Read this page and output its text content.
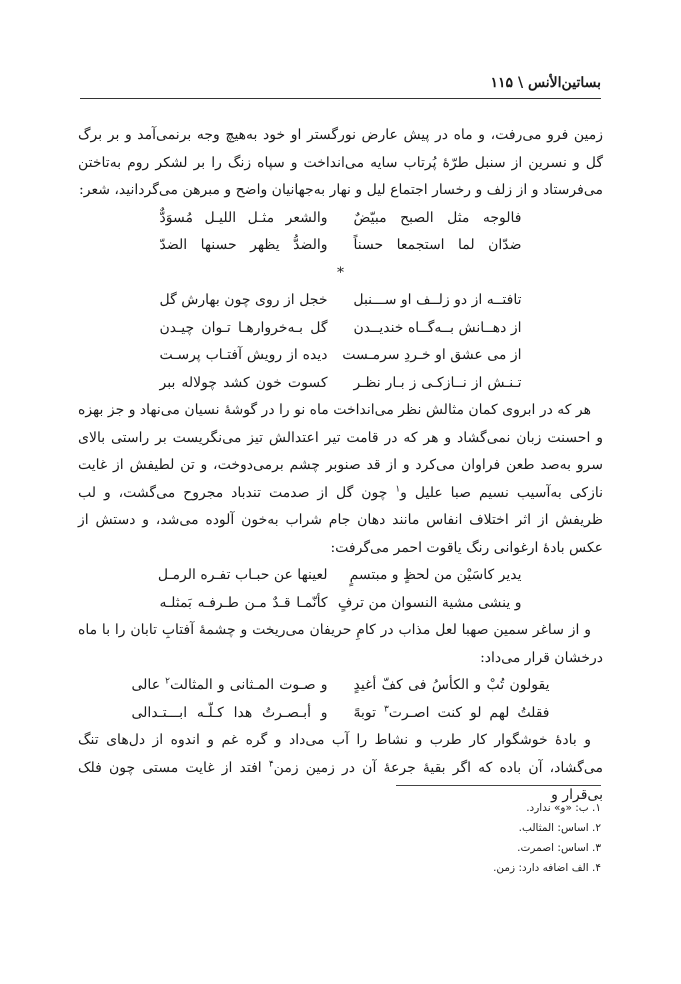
بساتین‌الأنس \ ۱۱۵

زمین فرو می‌رفت، و ماه در پیش عارض نورگستر او خود به‌هیچ وجه برنمی‌آمد و بر برگ گل و نسرین از سنبل طرّهٔ پُرتاب سایه می‌انداخت و سپاه زنگ را بر لشکر روم به‌تاختن می‌فرستاد و از زلف و رخسار اجتماع لیل و نهار به‌جهانیان واضح و مبرهن می‌گردانید، شعر:

فالوجه مثل الصبح مبیّضٌ
والشعر مثـل اللیـل مُسوَدٌّ
ضدّان لما استجمعا حسناً
والضدُّ یظهر حسنها الضدّ
*
تافتــه از دو زلــف او ســـنبل
خجل از روی چون بهارش گل
از دهــانش بــه‌گــاه خندیــدن
گل بـه‌خروارهـا تـوان چیـدن
از می عشق او خـردِ سرمـست
دیده از رویش آفتـاب پرسـت
تـنـش از نــازکـی ز بـار نظـر
کسوت خون کشد چولاله ببر

هر که در ابروی کمان مثالش نظر می‌انداخت ماه نو را در گوشهٔ نسیان می‌نهاد و جز بهزه و احسنت زبان نمی‌گشاد و هر که در قامت تیر اعتدالش تیز می‌نگریست بر راستی بالای سرو به‌صد طعن فراوان می‌کرد و از قد صنوبر چشم برمی‌دوخت، و تن لطیفش از غایت نازکی به‌آسیب نسیم صبا علیل و$^۱$ چون گل از صدمت تندباد مجروح می‌گشت، و لب ظریفش از اثر اختلاف انفاس مانند دهان جام شراب به‌خون آلوده می‌شد، و دستش از عکس بادهٔ ارغوانی رنگ یاقوت احمر می‌گرفت:

یدیر کاسَیْن من لحظٍ و مبتسمٍ
لعینها عن حبـاب تفـره الرمـل
و ینشی مشیة النسوان من ترفٍ
کأنّمـا قـدٌ مـن طـرفـه بَمثلـه

و از ساغر سمین صهبا لعل مذاب در کامِ حریفان می‌ریخت و چشمهٔ آفتابِ تابان را با ماه درخشان قرار می‌داد:

یقولون تُبْ و الکأسُ فی کفّ أغیدٍ
و صـوت المـثانی و المثالت$^۲$ عالی
فقلتُ لهم لو کنت اصـرت$^۳$ توبهً
و أبـصـرتُ هدا کـلّـه ابـــتـدالی

و بادهٔ خوشگوار کار طرب و نشاط را آب می‌داد و گره غم و اندوه از دل‌های تنگ می‌گشاد، آن باده که اگر بقیهٔ جرعهٔ آن در زمین زمن$^۴$ افتد از غایت مستی چون فلک بی‌قرار و

۱. ب: «و» ندارد.
۲. اساس: المثالب.
۳. اساس: اصمرت.
۴. الف اضافه دارد: زمن.
